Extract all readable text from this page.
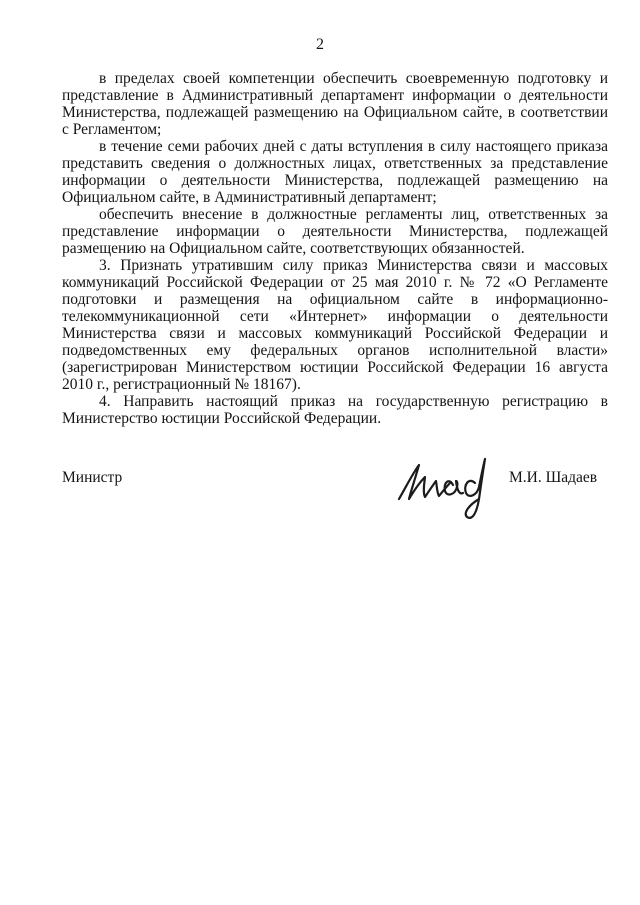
2

в пределах своей компетенции обеспечить своевременную подготовку и представление в Административный департамент информации о деятельности Министерства, подлежащей размещению на Официальном сайте, в соответствии с Регламентом;

в течение семи рабочих дней с даты вступления в силу настоящего приказа представить сведения о должностных лицах, ответственных за представление информации о деятельности Министерства, подлежащей размещению на Официальном сайте, в Административный департамент;

обеспечить внесение в должностные регламенты лиц, ответственных за представление информации о деятельности Министерства, подлежащей размещению на Официальном сайте, соответствующих обязанностей.

3. Признать утратившим силу приказ Министерства связи и массовых коммуникаций Российской Федерации от 25 мая 2010 г. № 72 «О Регламенте подготовки и размещения на официальном сайте в информационно-телекоммуникационной сети «Интернет» информации о деятельности Министерства связи и массовых коммуникаций Российской Федерации и подведомственных ему федеральных органов исполнительной власти» (зарегистрирован Министерством юстиции Российской Федерации 16 августа 2010 г., регистрационный № 18167).

4. Направить настоящий приказ на государственную регистрацию в Министерство юстиции Российской Федерации.

Министр	М.И. Шадаев
